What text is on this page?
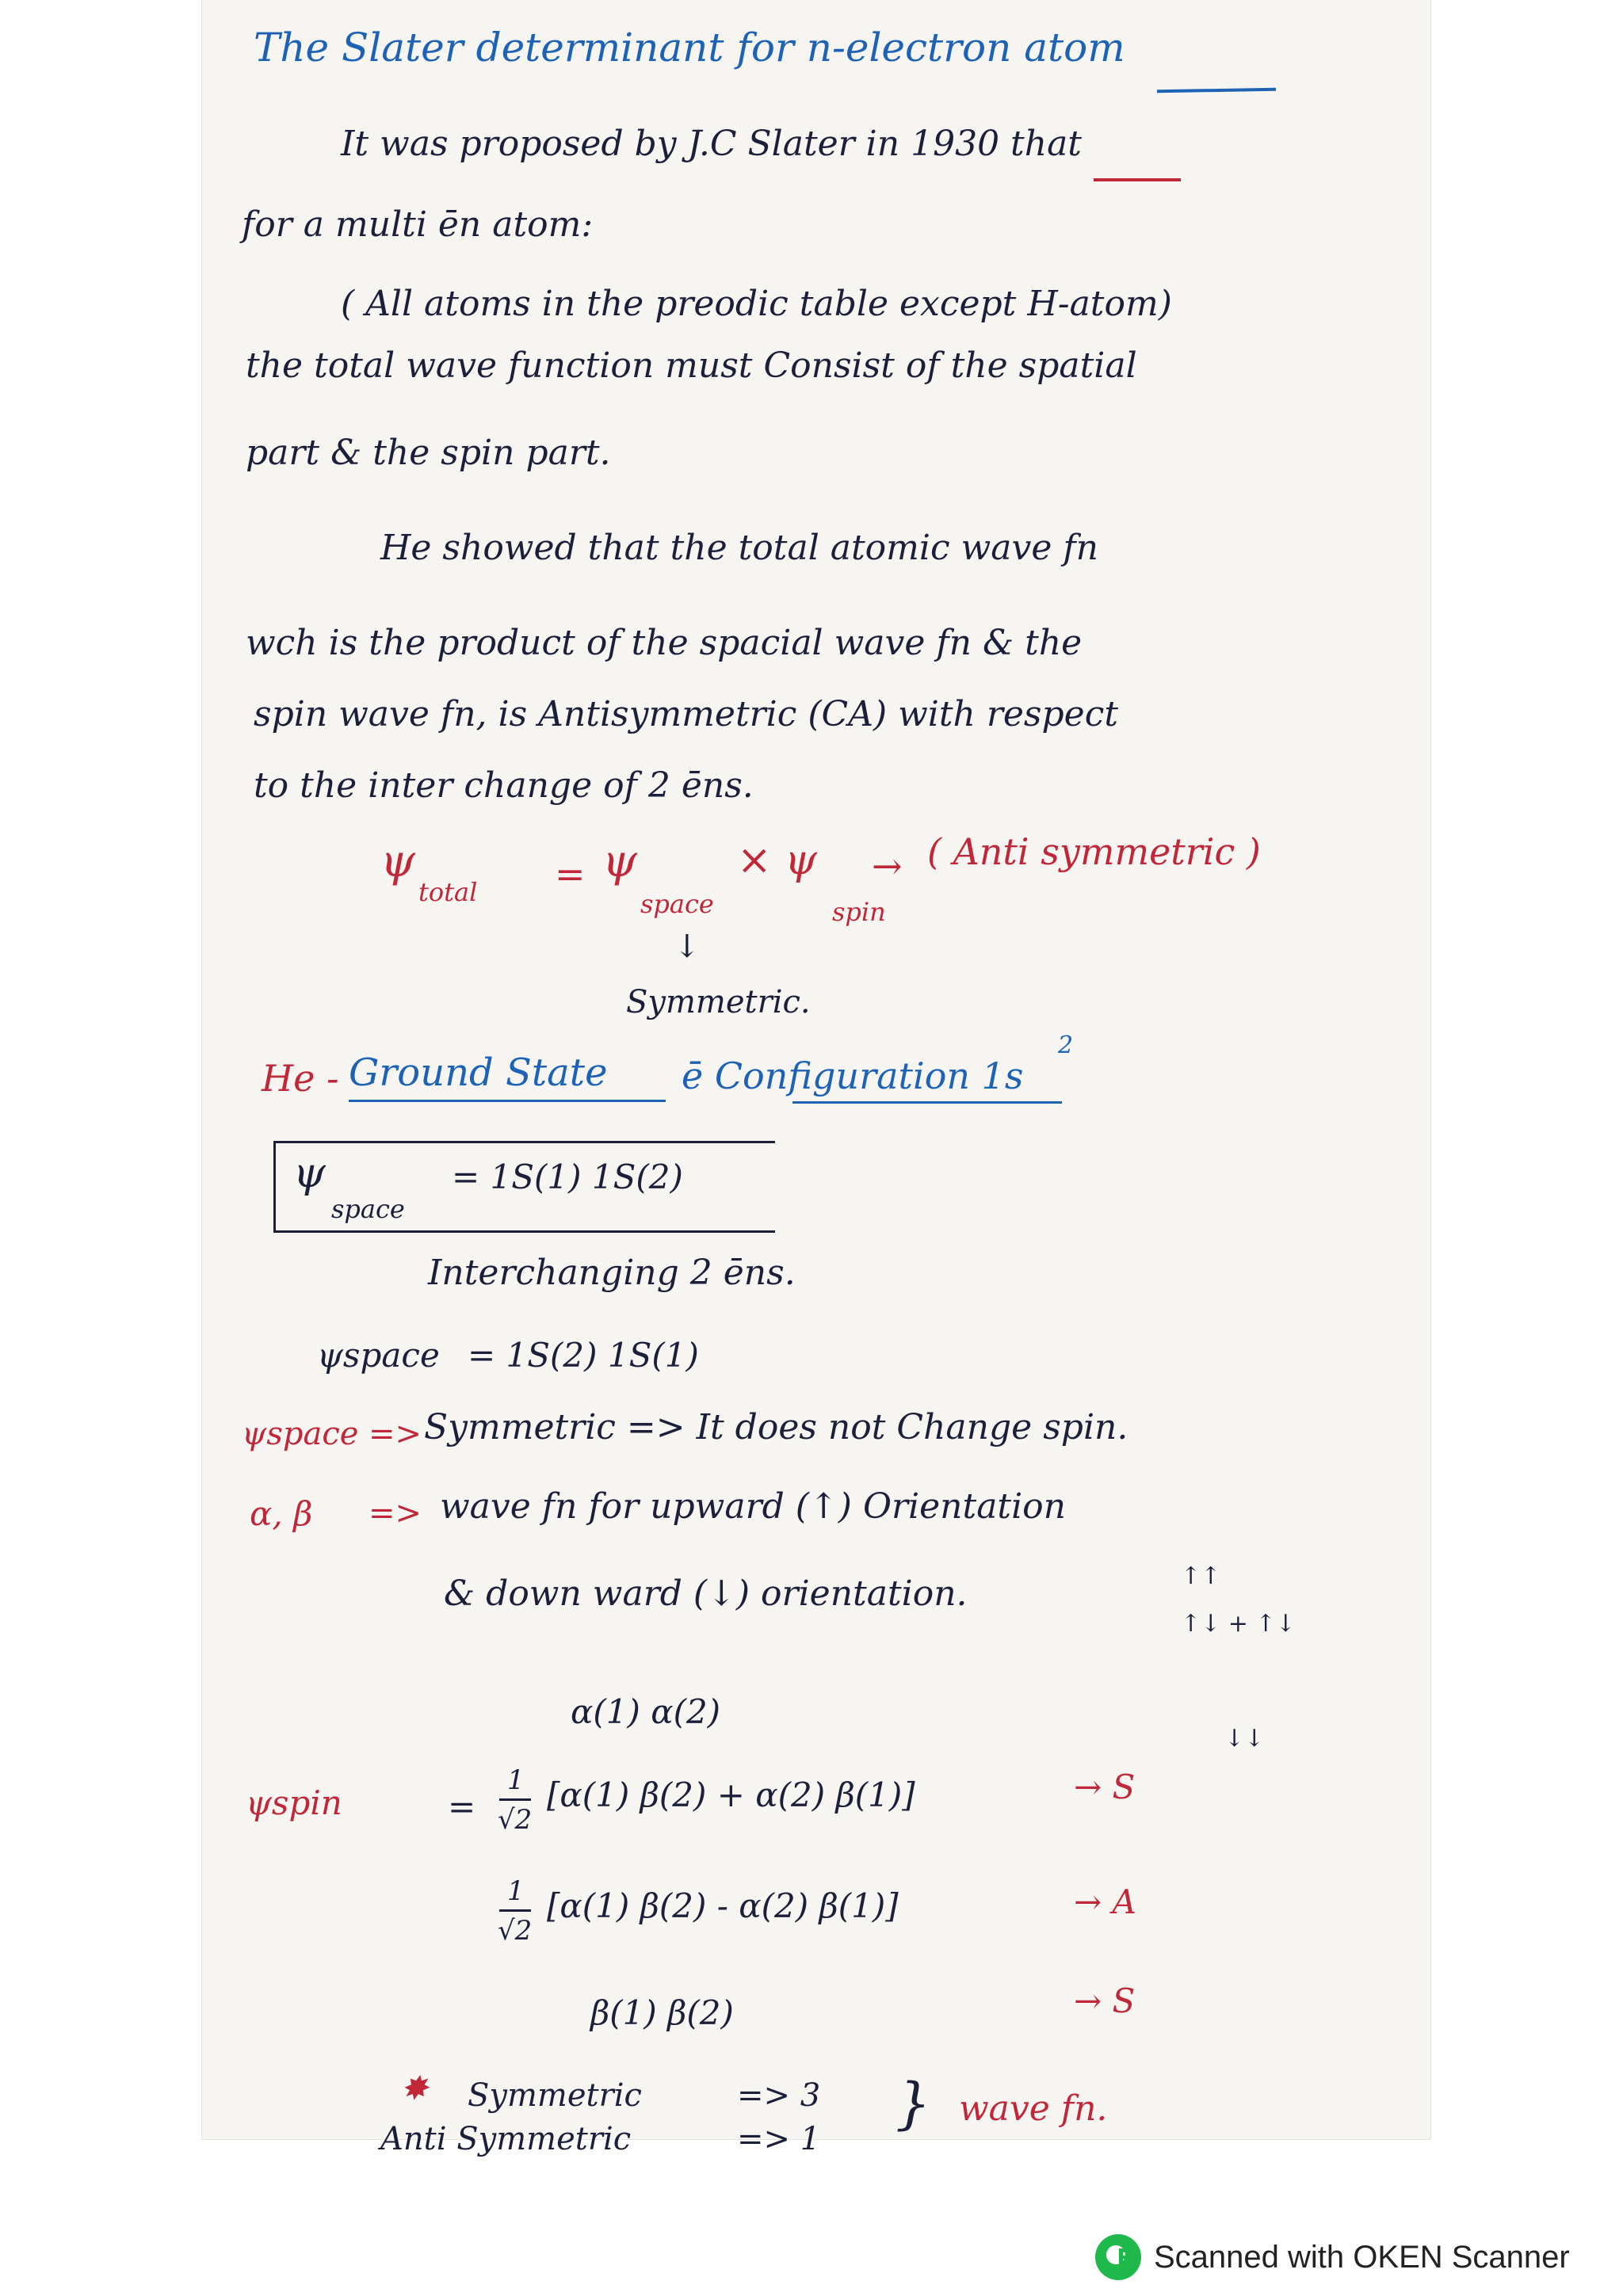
The Slater determinant for n-electron atom
It was proposed by J.C Slater in 1930 that
for a multi ēn atom:
( All atoms in the preodic table except H-atom)
the total wave function must Consist of the spatial
part & the spin part.
He showed that the total atomic wave fn
wch is the product of the spacial wave fn & the
spin wave fn, is Antisymmetric (CA) with respect
to the inter change of 2 ēns.
ψ
total = ψ
space
× ψ
spin
→ ( Anti symmetric )
↓
Symmetric.
He - Ground State ē Configuration 1s
2
ψ
space
= 1S(1) 1S(2)
Interchanging 2 ēns.
ψspace = 1S(2) 1S(1)
ψspace => Symmetric => It does not Change spin.
α, β => wave fn for upward (↑) Orientation
& down ward (↓) orientation.	↑↑
↑↓ + ↑↓
↓↓
α(1) α(2)
ψspin	=
1
√2
[α(1) β(2) + α(2) β(1)]	→ S
1
√2
[α(1) β(2) - α(2) β(1)]	→ A
β(1) β(2)	→ S
✸ Symmetric	=> 3
Anti Symmetric	=> 1
} wave fn.
Scanned with OKEN Scanner
